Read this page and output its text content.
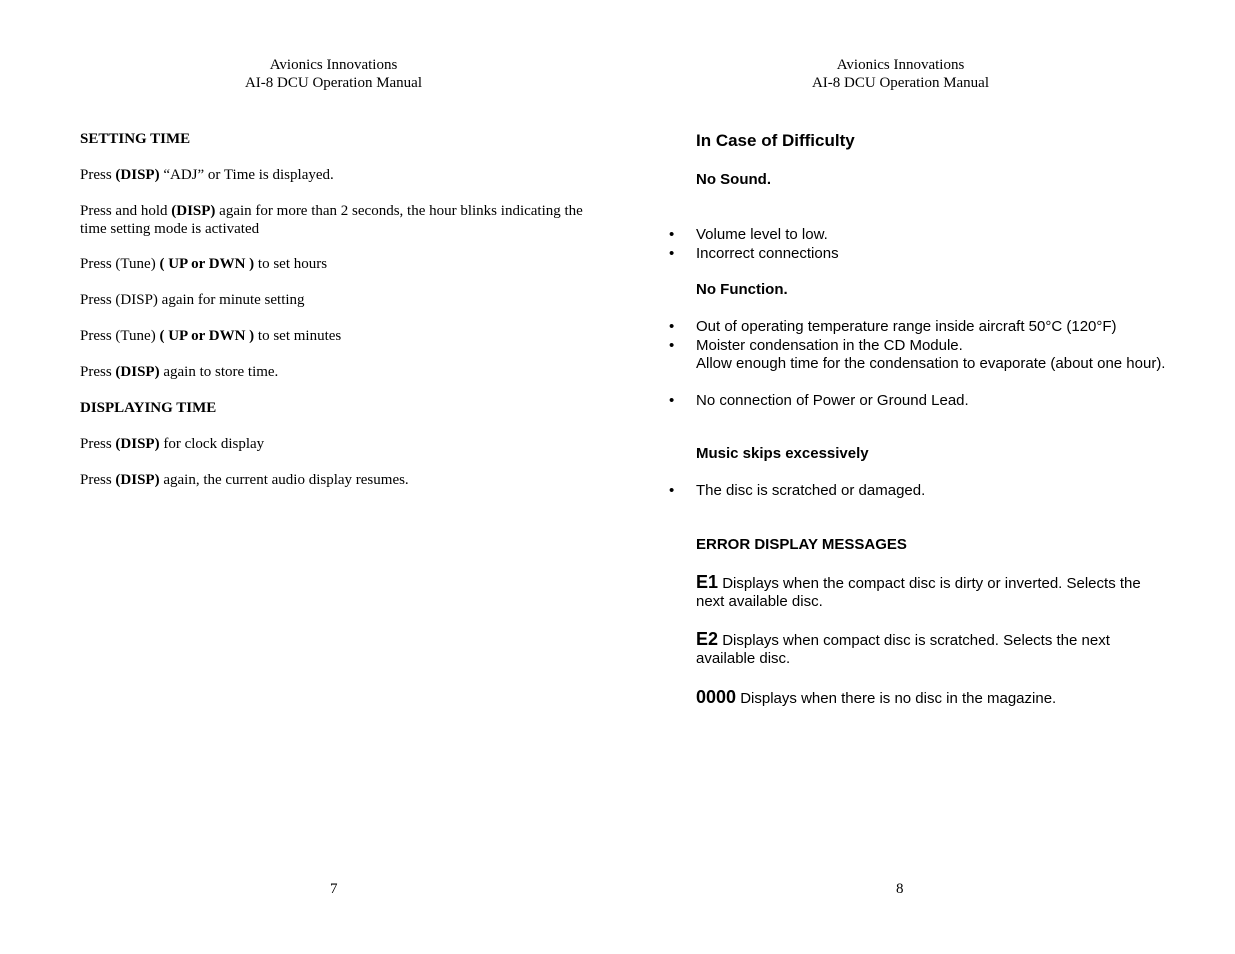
Avionics Innovations
AI-8 DCU Operation Manual
SETTING TIME
Press (DISP) “ADJ” or Time is displayed.
Press and hold (DISP) again for more than 2 seconds, the hour blinks indicating the time setting mode is activated
Press (Tune) ( UP or DWN ) to set hours
Press (DISP) again for minute setting
Press (Tune) ( UP or DWN ) to set minutes
Press (DISP) again to store time.
DISPLAYING TIME
Press (DISP) for clock display
Press (DISP) again, the current audio display resumes.
7
Avionics Innovations
AI-8 DCU Operation Manual
In Case of Difficulty
No Sound.
• Volume level to low.
• Incorrect connections
No Function.
• Out of operating temperature range inside aircraft 50°C (120°F)
• Moister condensation in the CD Module.
Allow enough time for the condensation to evaporate (about one hour).
• No connection of Power or Ground Lead.
Music skips excessively
• The disc is scratched or damaged.
ERROR DISPLAY MESSAGES
E1 Displays when the compact disc is dirty or inverted. Selects the next available disc.
E2 Displays when compact disc is scratched. Selects the next available disc.
0000 Displays when there is no disc in the magazine.
8
